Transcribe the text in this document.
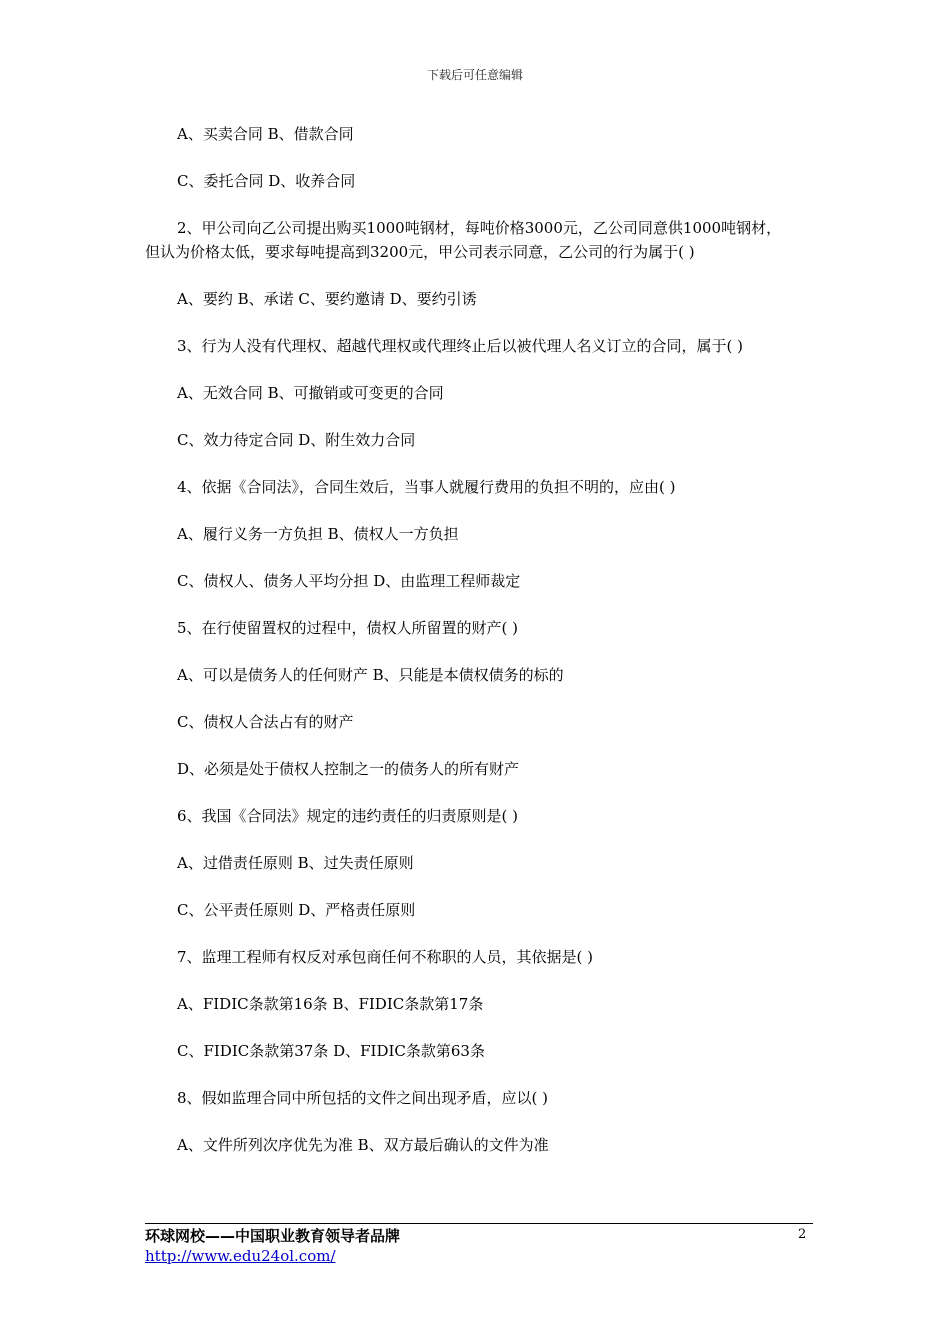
下载后可任意编辑

A、买卖合同 B、借款合同

C、委托合同 D、收养合同

2、甲公司向乙公司提出购买1000吨钢材，每吨价格3000元，乙公司同意供1000吨钢材，但认为价格太低，要求每吨提高到3200元，甲公司表示同意，乙公司的行为属于( )

A、要约 B、承诺 C、要约邀请 D、要约引诱

3、行为人没有代理权、超越代理权或代理终止后以被代理人名义订立的合同，属于( )

A、无效合同 B、可撤销或可变更的合同

C、效力待定合同 D、附生效力合同

4、依据《合同法》，合同生效后，当事人就履行费用的负担不明的，应由( )

A、履行义务一方负担 B、债权人一方负担

C、债权人、债务人平均分担 D、由监理工程师裁定

5、在行使留置权的过程中，债权人所留置的财产( )

A、可以是债务人的任何财产 B、只能是本债权债务的标的

C、债权人合法占有的财产

D、必须是处于债权人控制之一的债务人的所有财产

6、我国《合同法》规定的违约责任的归责原则是( )

A、过借责任原则 B、过失责任原则

C、公平责任原则 D、严格责任原则

7、监理工程师有权反对承包商任何不称职的人员，其依据是( )

A、FIDIC条款第16条 B、FIDIC条款第17条

C、FIDIC条款第37条 D、FIDIC条款第63条

8、假如监理合同中所包括的文件之间出现矛盾，应以( )

A、文件所列次序优先为准 B、双方最后确认的文件为准

环球网校——中国职业教育领导者品牌
http://www.edu24ol.com/
2
